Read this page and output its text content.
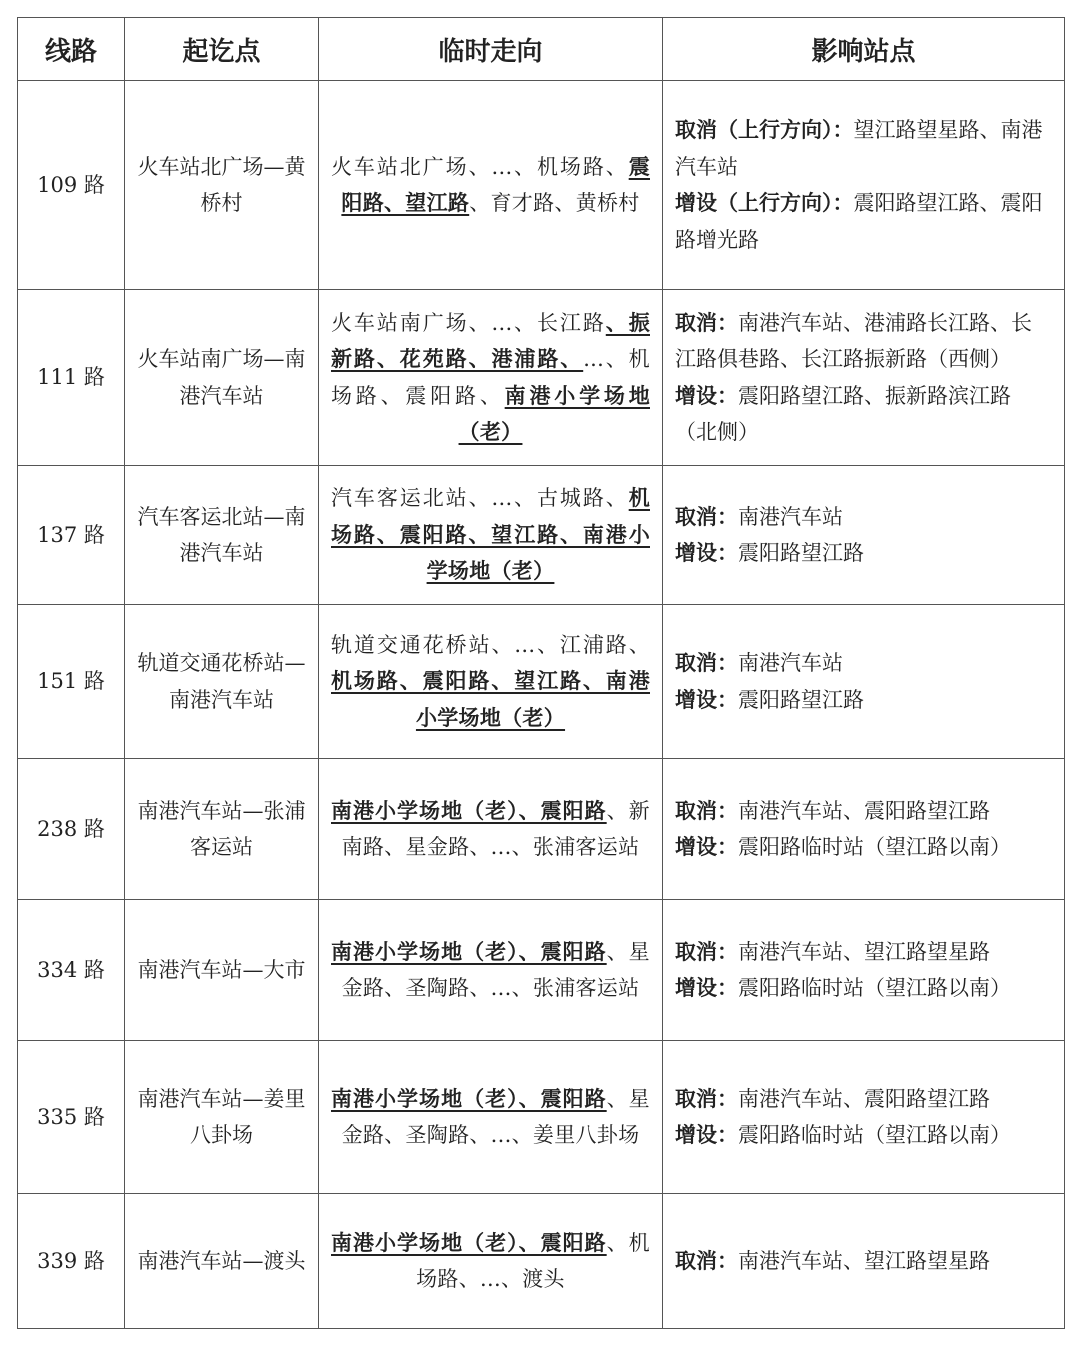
线路	起讫点	临时走向	影响站点
109 路	火车站北广场—黄桥村	火车站北广场、...、机场路、震阳路、望江路、育才路、黄桥村	取消（上行方向）：望江路望星路、南港汽车站
增设（上行方向）：震阳路望江路、震阳路增光路

111 路	火车站南广场—南港汽车站	火车站南广场、...、长江路、振新路、花苑路、港浦路、...、机场路、震阳路、南港小学场地（老）	取消：南港汽车站、港浦路长江路、长江路俱巷路、长江路振新路（西侧）
增设：震阳路望江路、振新路滨江路（北侧）

137 路	汽车客运北站—南港汽车站	汽车客运北站、...、古城路、机场路、震阳路、望江路、南港小学场地（老）	取消：南港汽车站
增设：震阳路望江路

151 路	轨道交通花桥站—南港汽车站	轨道交通花桥站、...、江浦路、机场路、震阳路、望江路、南港小学场地（老）	取消：南港汽车站
增设：震阳路望江路

238 路	南港汽车站—张浦客运站	南港小学场地（老）、震阳路、新南路、星金路、...、张浦客运站	取消：南港汽车站、震阳路望江路
增设：震阳路临时站（望江路以南）

334 路	南港汽车站—大市	南港小学场地（老）、震阳路、星金路、圣陶路、...、张浦客运站	取消：南港汽车站、望江路望星路
增设：震阳路临时站（望江路以南）

335 路	南港汽车站—姜里八卦场	南港小学场地（老）、震阳路、星金路、圣陶路、...、姜里八卦场	取消：南港汽车站、震阳路望江路
增设：震阳路临时站（望江路以南）

339 路	南港汽车站—渡头	南港小学场地（老）、震阳路、机场路、...、渡头	取消：南港汽车站、望江路望星路
